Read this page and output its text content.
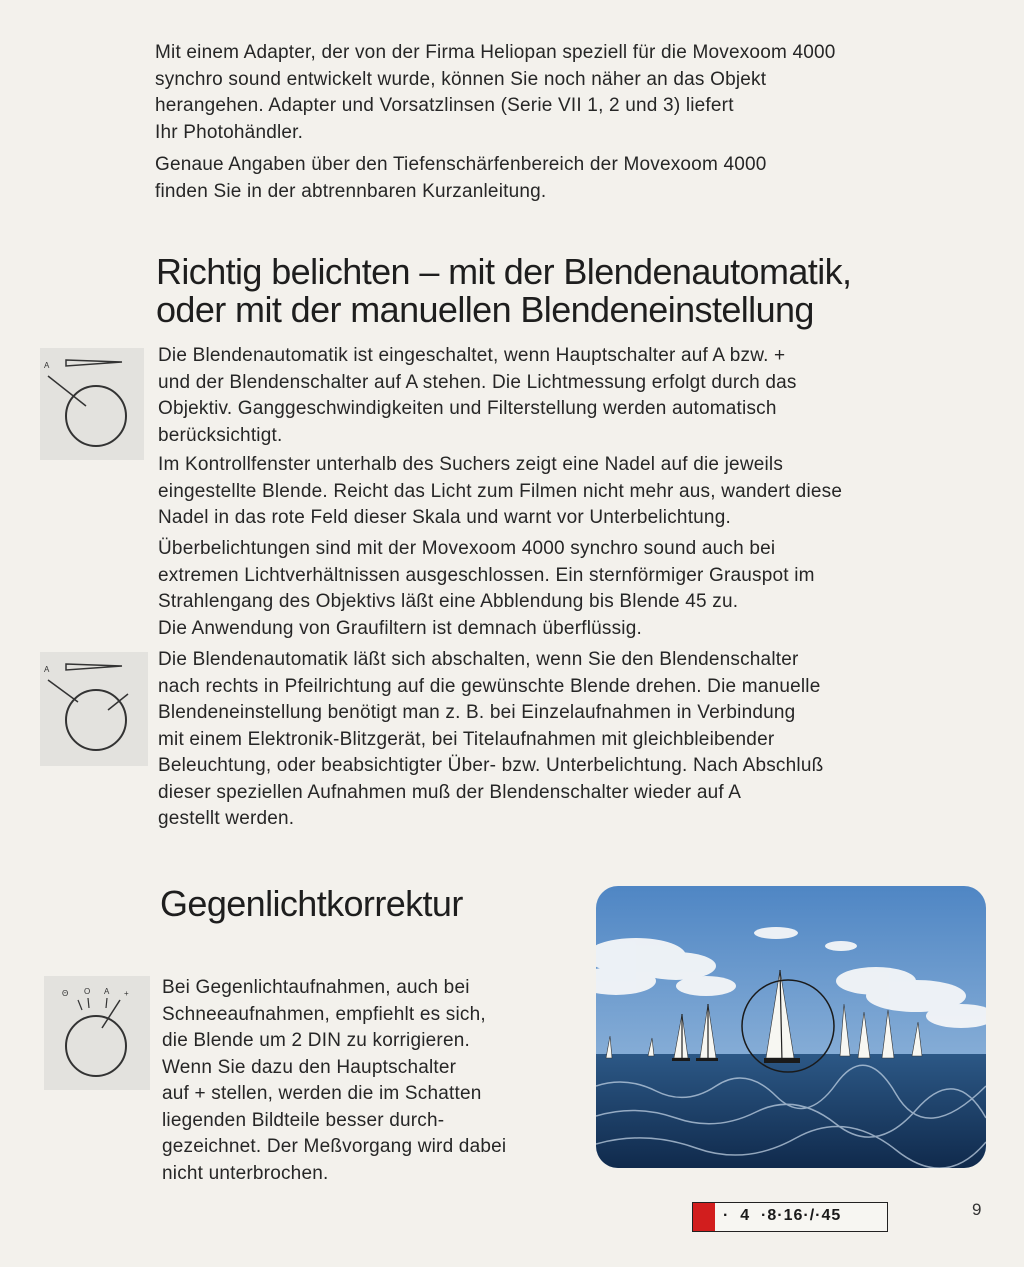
Mit einem Adapter, der von der Firma Heliopan speziell für die Movexoom 4000
synchro sound entwickelt wurde, können Sie noch näher an das Objekt
herangehen. Adapter und Vorsatzlinsen (Serie VII 1, 2 und 3) liefert
Ihr Photohändler.

Genaue Angaben über den Tiefenschärfenbereich der Movexoom 4000
finden Sie in der abtrennbaren Kurzanleitung.

Richtig belichten – mit der Blendenautomatik,
oder mit der manuellen Blendeneinstellung
A	Die Blendenautomatik ist eingeschaltet, wenn Hauptschalter auf A bzw. +
und der Blendenschalter auf A stehen. Die Lichtmessung erfolgt durch das
Objektiv. Ganggeschwindigkeiten und Filterstellung werden automatisch
berücksichtigt.

Im Kontrollfenster unterhalb des Suchers zeigt eine Nadel auf die jeweils
eingestellte Blende. Reicht das Licht zum Filmen nicht mehr aus, wandert diese
Nadel in das rote Feld dieser Skala und warnt vor Unterbelichtung.

Überbelichtungen sind mit der Movexoom 4000 synchro sound auch bei
extremen Lichtverhältnissen ausgeschlossen. Ein sternförmiger Grauspot im
Strahlengang des Objektivs läßt eine Abblendung bis Blende 45 zu.
Die Anwendung von Graufiltern ist demnach überflüssig.

A	Die Blendenautomatik läßt sich abschalten, wenn Sie den Blendenschalter
nach rechts in Pfeilrichtung auf die gewünschte Blende drehen. Die manuelle
Blendeneinstellung benötigt man z. B. bei Einzelaufnahmen in Verbindung
mit einem Elektronik-Blitzgerät, bei Titelaufnahmen mit gleichbleibender
Beleuchtung, oder beabsichtigter Über- bzw. Unterbelichtung. Nach Abschluß
dieser speziellen Aufnahmen muß der Blendenschalter wieder auf A
gestellt werden.

Gegenlichtkorrektur
Θ O A + Bei Gegenlichtaufnahmen, auch bei
Schneeaufnahmen, empfiehlt es sich,
die Blende um 2 DIN zu korrigieren.
Wenn Sie dazu den Hauptschalter
auf + stellen, werden die im Schatten
liegenden Bildteile besser durch-
gezeichnet. Der Meßvorgang wird dabei
nicht unterbrochen.

·  4  ·8·16·/·45	9
